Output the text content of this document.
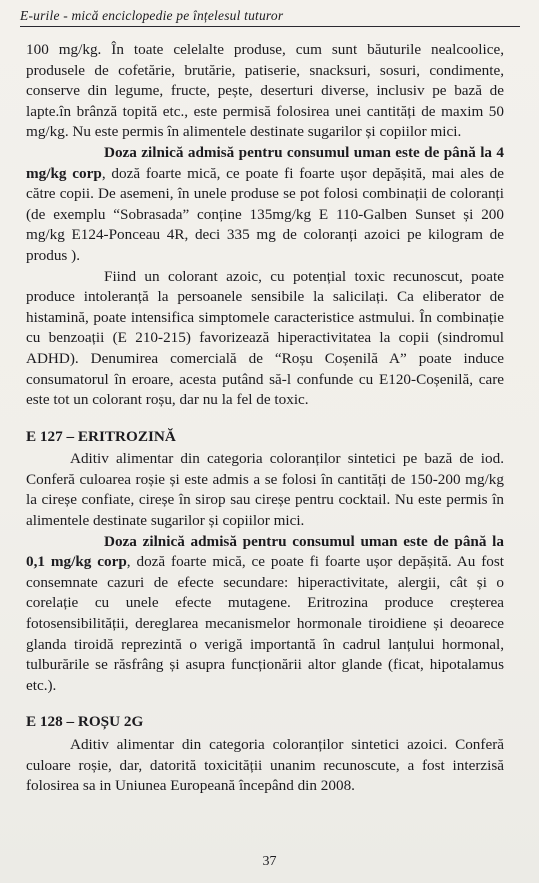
E-urile - mică enciclopedie pe înțelesul tuturor

100 mg/kg. În toate celelalte produse, cum sunt băuturile nealcoolice, produsele de cofetărie, brutărie, patiserie, snacksuri, sosuri, condimente, conserve din legume, fructe, pește, deserturi diverse, inclusiv pe bază de lapte.în brânză topită etc., este permisă folosirea unei cantități de maxim 50 mg/kg. Nu este permis în alimentele destinate sugarilor și copiilor mici.

Doza zilnică admisă pentru consumul uman este de până la 4 mg/kg corp, doză foarte mică, ce poate fi foarte ușor depășită, mai ales de către copii. De asemeni, în unele produse se pot folosi combinații de coloranți (de exemplu “Sobrasada” conține 135mg/kg E 110-Galben Sunset și 200 mg/kg E124-Ponceau 4R, deci 335 mg de coloranți azoici pe kilogram de produs ).

Fiind un colorant azoic, cu potențial toxic recunoscut, poate produce intoleranță la persoanele sensibile la salicilați. Ca eliberator de histamină, poate intensifica simptomele caracteristice astmului. În combinație cu benzoații (E 210-215) favorizează hiperactivitatea la copii (sindromul ADHD). Denumirea comercială de “Roșu Coșenilă A” poate induce consumatorul în eroare, acesta putând să-l confunde cu E120-Coșenilă, care este tot un colorant roșu, dar nu la fel de toxic.

E 127 – ERITROZINĂ

Aditiv alimentar din categoria coloranților sintetici pe bază de iod. Conferă culoarea roșie și este admis a se folosi în cantități de 150-200 mg/kg la cireșe confiate, cireșe în sirop sau cireșe pentru cocktail. Nu este permis în alimentele destinate sugarilor și copiilor mici.

Doza zilnică admisă pentru consumul uman este de până la 0,1 mg/kg corp, doză foarte mică, ce poate fi foarte ușor depășită. Au fost consemnate cazuri de efecte secundare: hiperactivitate, alergii, cât și o corelație cu unele efecte mutagene. Eritrozina produce creșterea fotosensibilității, dereglarea mecanismelor hormonale tiroidiene și deoarece glanda tiroidă reprezintă o verigă importantă în cadrul lanțului hormonal, tulburările se răsfrâng și asupra funcționării altor glande (ficat, hipotalamus etc.).

E 128 – ROȘU 2G

Aditiv alimentar din categoria coloranților sintetici azoici. Conferă culoare roșie, dar, datorită toxicității unanim recunoscute, a fost interzisă folosirea sa in Uniunea Europeană începând din 2008.

37
